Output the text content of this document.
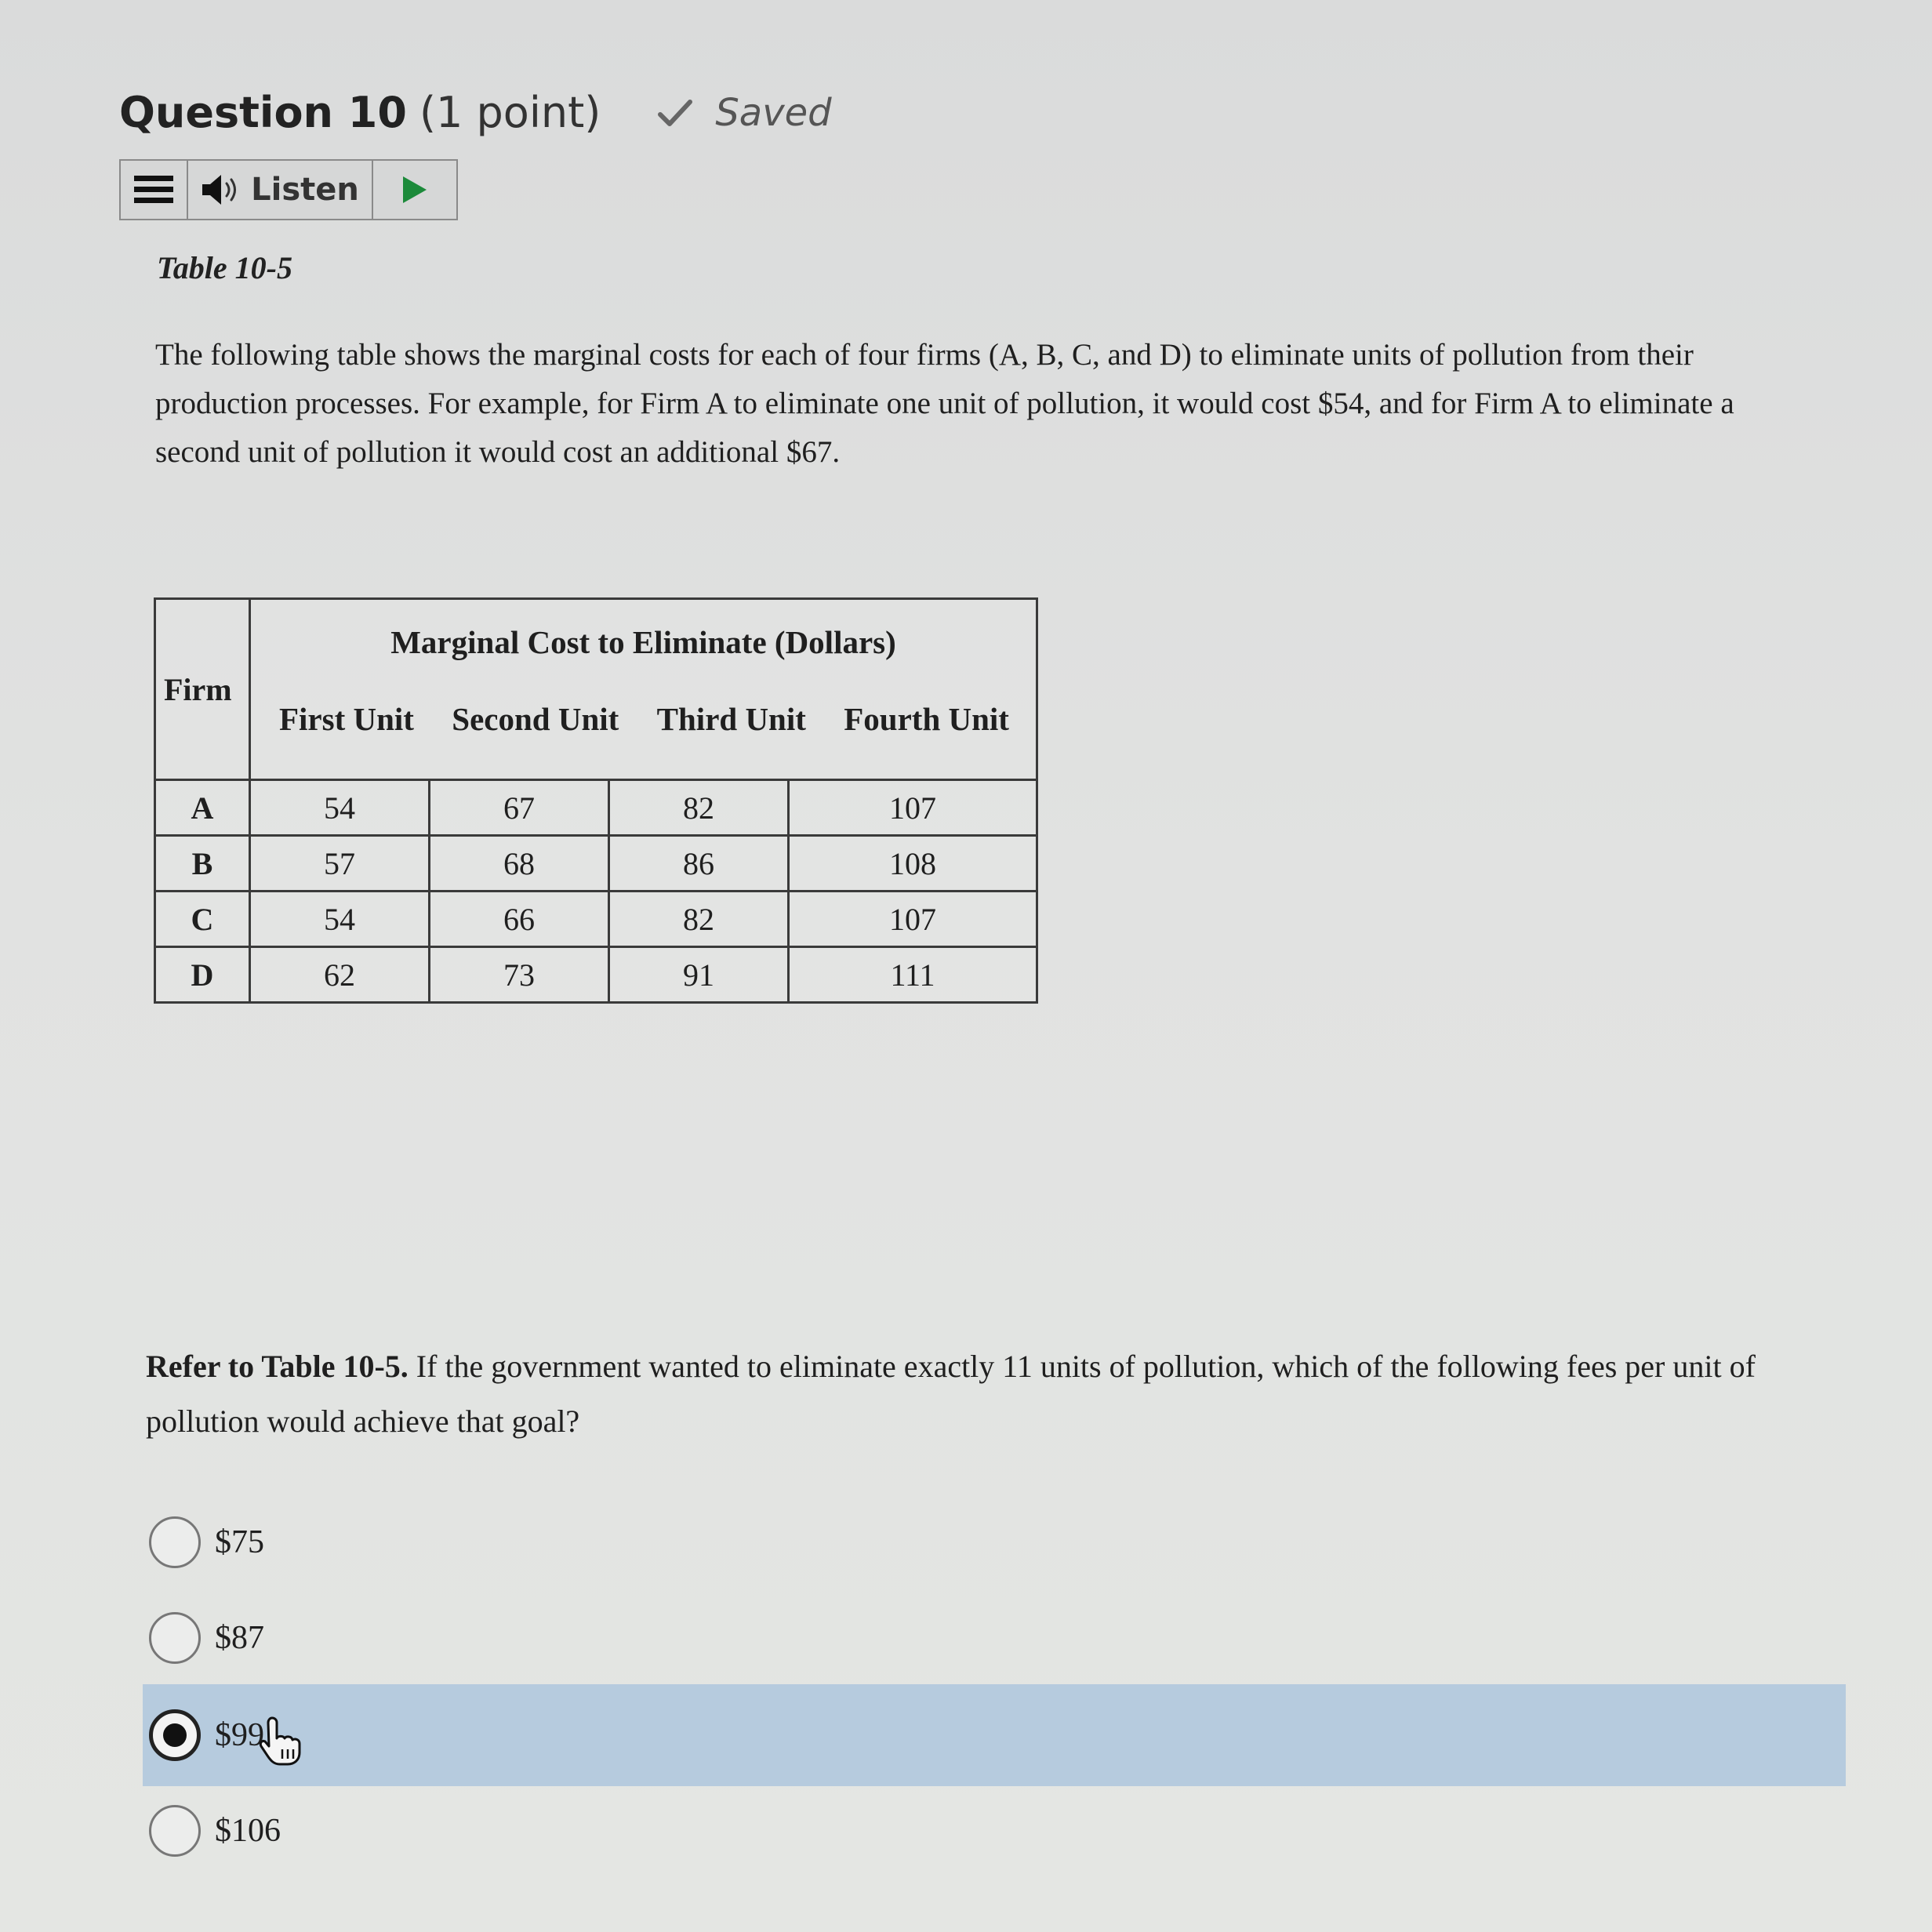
Question 10 (1 point)	Saved
Listen
Table 10-5
The following table shows the marginal costs for each of four firms (A, B, C, and D) to eliminate units of pollution from their production processes. For example, for Firm A to eliminate one unit of pollution, it would cost $54, and for Firm A to eliminate a second unit of pollution it would cost an additional $67.
Firm	Marginal Cost to Eliminate (Dollars)
First Unit Second Unit Third Unit Fourth Unit			

A	54	67	82	107
B	57	68	86	108
C	54	66	82	107
D	62	73	91	111
Refer to Table 10-5. If the government wanted to eliminate exactly 11 units of pollution, which of the following fees per unit of pollution would achieve that goal?
$75
$87
$99
$106
